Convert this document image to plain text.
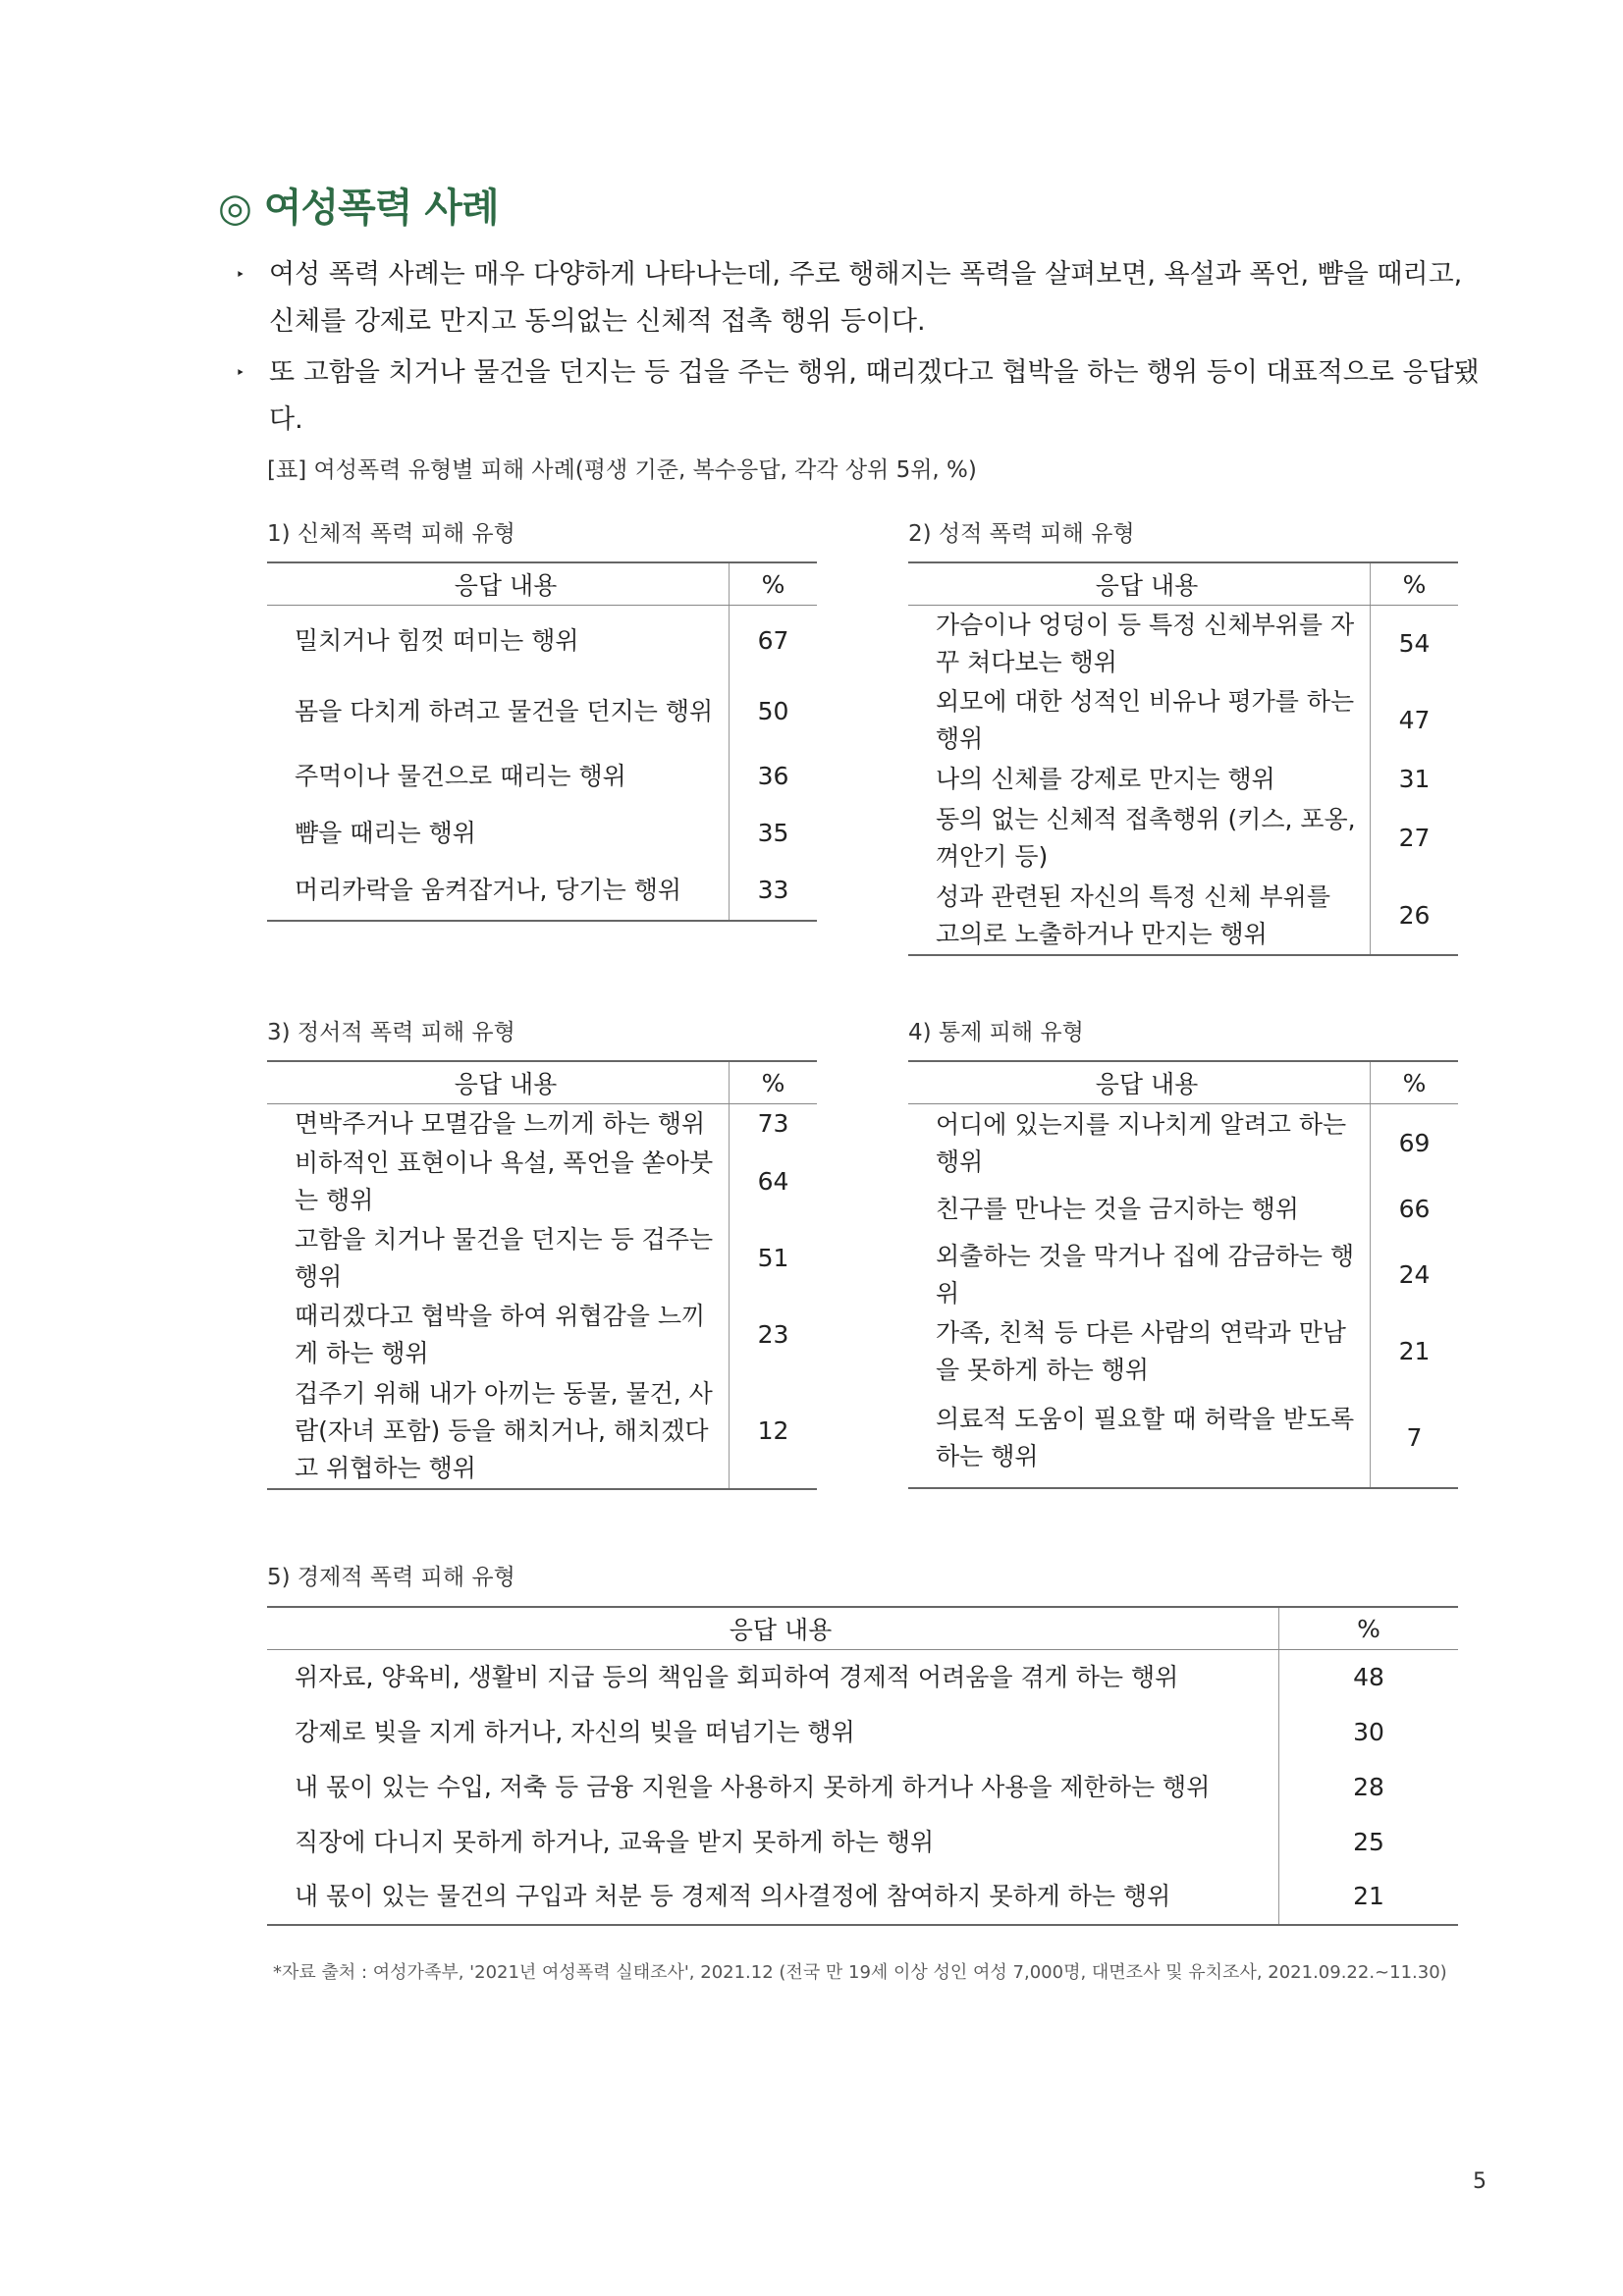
◎ 여성폭력 사례
‣ 여성 폭력 사례는 매우 다양하게 나타나는데, 주로 행해지는 폭력을 살펴보면, 욕설과 폭언, 뺨을 때리고, 신체를 강제로 만지고 동의없는 신체적 접촉 행위 등이다.
‣ 또 고함을 치거나 물건을 던지는 등 겁을 주는 행위, 때리겠다고 협박을 하는 행위 등이 대표적으로 응답됐다.
[표] 여성폭력 유형별 피해 사례(평생 기준, 복수응답, 각각 상위 5위, %)
1) 신체적 폭력 피해 유형
응답 내용	%
밀치거나 힘껏 떠미는 행위	67
몸을 다치게 하려고 물건을 던지는 행위	50
주먹이나 물건으로 때리는 행위	36
뺨을 때리는 행위	35
머리카락을 움켜잡거나, 당기는 행위	33
2) 성적 폭력 피해 유형
응답 내용	%
가슴이나 엉덩이 등 특정 신체부위를 자꾸 쳐다보는 행위	54
외모에 대한 성적인 비유나 평가를 하는 행위	47
나의 신체를 강제로 만지는 행위	31
동의 없는 신체적 접촉행위 (키스, 포옹, 껴안기 등)	27
성과 관련된 자신의 특정 신체 부위를 고의로 노출하거나 만지는 행위	26
3) 정서적 폭력 피해 유형
응답 내용	%
면박주거나 모멸감을 느끼게 하는 행위	73
비하적인 표현이나 욕설, 폭언을 쏟아붓는 행위	64
고함을 치거나 물건을 던지는 등 겁주는 행위	51
때리겠다고 협박을 하여 위협감을 느끼게 하는 행위	23
겁주기 위해 내가 아끼는 동물, 물건, 사람(자녀 포함) 등을 해치거나, 해치겠다고 위협하는 행위	12
4) 통제 피해 유형
응답 내용	%
어디에 있는지를 지나치게 알려고 하는 행위	69
친구를 만나는 것을 금지하는 행위	66
외출하는 것을 막거나 집에 감금하는 행위	24
가족, 친척 등 다른 사람의 연락과 만남을 못하게 하는 행위	21
의료적 도움이 필요할 때 허락을 받도록 하는 행위	7
5) 경제적 폭력 피해 유형
응답 내용	%
위자료, 양육비, 생활비 지급 등의 책임을 회피하여 경제적 어려움을 겪게 하는 행위	48
강제로 빚을 지게 하거나, 자신의 빚을 떠넘기는 행위	30
내 몫이 있는 수입, 저축 등 금융 지원을 사용하지 못하게 하거나 사용을 제한하는 행위	28
직장에 다니지 못하게 하거나, 교육을 받지 못하게 하는 행위	25
내 몫이 있는 물건의 구입과 처분 등 경제적 의사결정에 참여하지 못하게 하는 행위	21
*자료 출처 : 여성가족부, '2021년 여성폭력 실태조사', 2021.12 (전국 만 19세 이상 성인 여성 7,000명, 대면조사 및 유치조사, 2021.09.22.~11.30)
5
